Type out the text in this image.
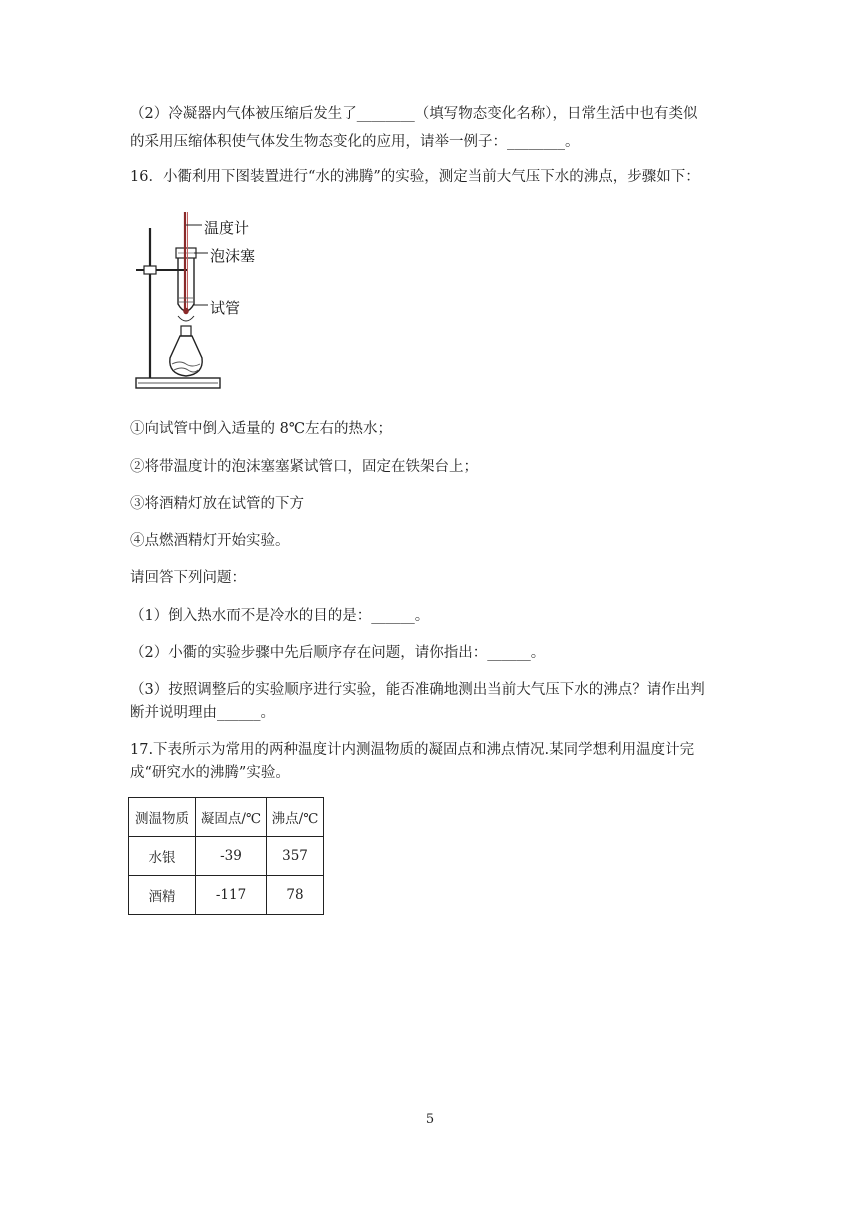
（2）冷凝器内气体被压缩后发生了________（填写物态变化名称），日常生活中也有类似
的采用压缩体积使气体发生物态变化的应用，请举一例子：________。
16．小衢利用下图装置进行“水的沸腾”的实验，测定当前大气压下水的沸点，步骤如下：
温度计
泡沫塞
试管
①向试管中倒入适量的 8℃左右的热水；
②将带温度计的泡沫塞塞紧试管口，固定在铁架台上；
③将酒精灯放在试管的下方
④点燃酒精灯开始实验。
请回答下列问题：
（1）倒入热水而不是冷水的目的是：______。
（2）小衢的实验步骤中先后顺序存在问题，请你指出：______。
（3）按照调整后的实验顺序进行实验，能否准确地测出当前大气压下水的沸点？请作出判
断并说明理由______。
17.下表所示为常用的两种温度计内测温物质的凝固点和沸点情况.某同学想利用温度计完
成“研究水的沸腾”实验。
测温物质	凝固点/℃	沸点/℃
水银	-39	357
酒精	-117	78
5
